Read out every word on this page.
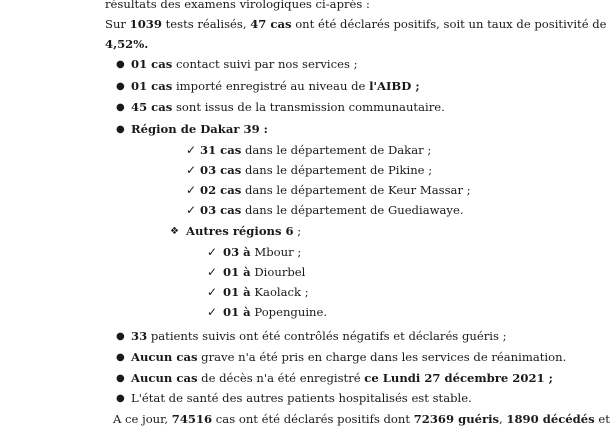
résultats des examens virologiques ci-après :
Sur 1039 tests réalisés, 47 cas ont été déclarés positifs, soit un taux de positivité de
4,52%.
● 01 cas contact suivi par nos services ;
● 01 cas importé enregistré au niveau de l'AIBD ;
● 45 cas sont issus de la transmission communautaire.
● Région de Dakar 39 :
✓ 31 cas dans le département de Dakar ;
✓ 03 cas dans le département de Pikine ;
✓ 02 cas dans le département de Keur Massar ;
✓ 03 cas dans le département de Guediawaye.
❖ Autres régions 6 ;
✓ 03 à Mbour ;
✓ 01 à Diourbel
✓ 01 à Kaolack ;
✓ 01 à Popenguine.
● 33 patients suivis ont été contrôlés négatifs et déclarés guéris ;
● Aucun cas grave n'a été pris en charge dans les services de réanimation.
● Aucun cas de décès n'a été enregistré ce Lundi 27 décembre 2021 ;
● L'état de santé des autres patients hospitalisés est stable.
A ce jour, 74516 cas ont été déclarés positifs dont 72369 guéris, 1890 décédés et
